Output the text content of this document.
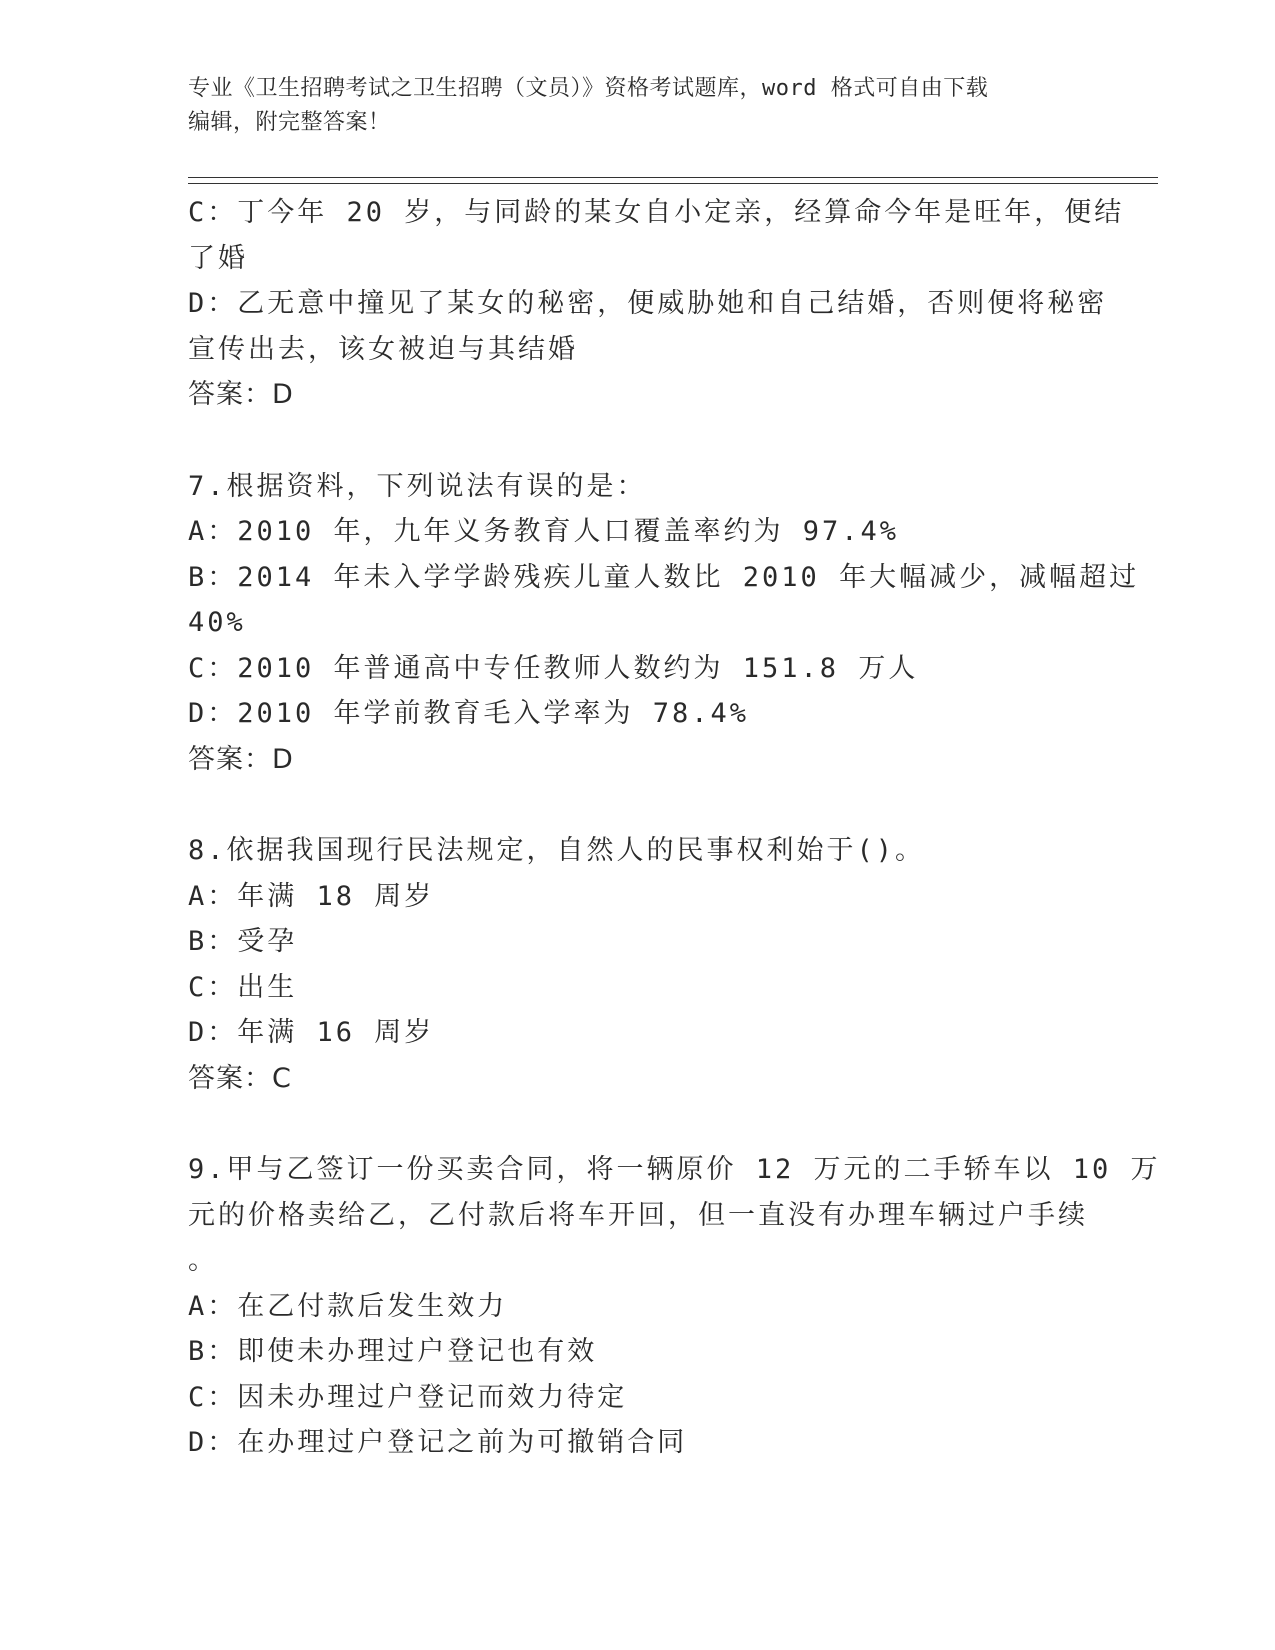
专业《卫生招聘考试之卫生招聘（文员）》资格考试题库，word 格式可自由下载
编辑，附完整答案！
C：丁今年 20 岁，与同龄的某女自小定亲，经算命今年是旺年，便结
了婚
D：乙无意中撞见了某女的秘密，便威胁她和自己结婚，否则便将秘密
宣传出去，该女被迫与其结婚
答案：D
7.根据资料，下列说法有误的是：
A：2010 年，九年义务教育人口覆盖率约为 97.4%
B：2014 年未入学学龄残疾儿童人数比 2010 年大幅减少，减幅超过
40%
C：2010 年普通高中专任教师人数约为 151.8 万人
D：2010 年学前教育毛入学率为 78.4%
答案：D
8.依据我国现行民法规定，自然人的民事权利始于()。
A：年满 18 周岁
B：受孕
C：出生
D：年满 16 周岁
答案：C
9.甲与乙签订一份买卖合同，将一辆原价 12 万元的二手轿车以 10 万
元的价格卖给乙，乙付款后将车开回，但一直没有办理车辆过户手续
。
A：在乙付款后发生效力
B：即使未办理过户登记也有效
C：因未办理过户登记而效力待定
D：在办理过户登记之前为可撤销合同
